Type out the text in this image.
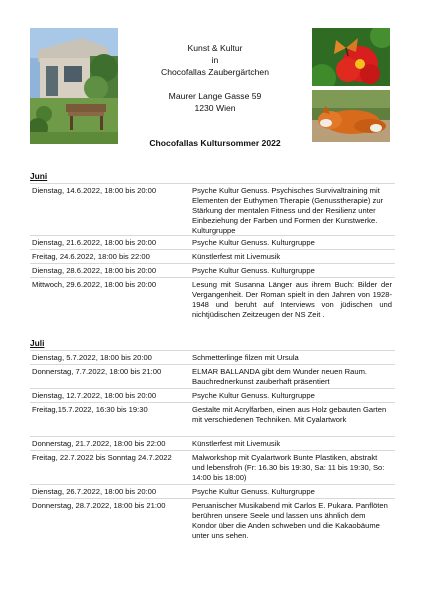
Kunst & Kultur
in
Chocofallas Zaubergärtchen
Maurer Lange Gasse 59
1230 Wien
Chocofallas Kultursommer 2022
Juni
Dienstag, 14.6.2022, 18:00 bis 20:00	Psyche Kultur Genuss. Psychisches Survivaltraining mit Elementen der Euthymen Therapie (Genusstherapie) zur Stärkung der mentalen Fitness und der Resilienz unter Einbeziehung der Farben und Formen der Kunstwerke. Kulturgruppe
Dienstag, 21.6.2022, 18:00 bis 20:00	Psyche Kultur Genuss. Kulturgruppe
Freitag, 24.6.2022, 18:00 bis 22:00	Künstlerfest mit Livemusik
Dienstag, 28.6.2022, 18:00 bis 20:00	Psyche Kultur Genuss. Kulturgruppe
Mittwoch, 29.6.2022, 18:00 bis 20:00	Lesung mit Susanna Länger aus ihrem Buch: Bilder der Vergangenheit. Der Roman spielt in den Jahren von 1928- 1948 und beruht auf Interviews von jüdischen und nichtjüdischen Zeitzeugen der NS Zeit .
Juli
Dienstag, 5.7.2022, 18:00 bis 20:00	Schmetterlinge filzen mit Ursula
Donnerstag, 7.7.2022, 18:00 bis 21:00	ELMAR BALLANDA gibt dem Wunder neuen Raum. Bauchrednerkunst zauberhaft präsentiert
Dienstag, 12.7.2022, 18:00 bis 20:00	Psyche Kultur Genuss. Kulturgruppe
Freitag,15.7.2022, 16:30 bis 19:30	Gestalte mit Acrylfarben, einen aus Holz gebauten Garten mit verschiedenen Techniken. Mit Cyalartwork
Donnerstag, 21.7.2022, 18:00 bis 22:00	Künstlerfest mit Livemusik
Freitag, 22.7.2022 bis Sonntag 24.7.2022	Malworkshop mit Cyalartwork Bunte Plastiken, abstrakt und lebensfroh (Fr: 16.30 bis 19:30, Sa: 11 bis 19:30, So: 14:00 bis 18:00)
Dienstag, 26.7.2022, 18:00 bis 20:00	Psyche Kultur Genuss. Kulturgruppe
Donnerstag, 28.7.2022, 18:00 bis 21:00	Peruanischer Musikabend mit Carlos E. Pukara. Panflöten berühren unsere Seele und lassen uns ähnlich dem Kondor über die Anden schweben und die Kakaobäume unter uns sehen.
